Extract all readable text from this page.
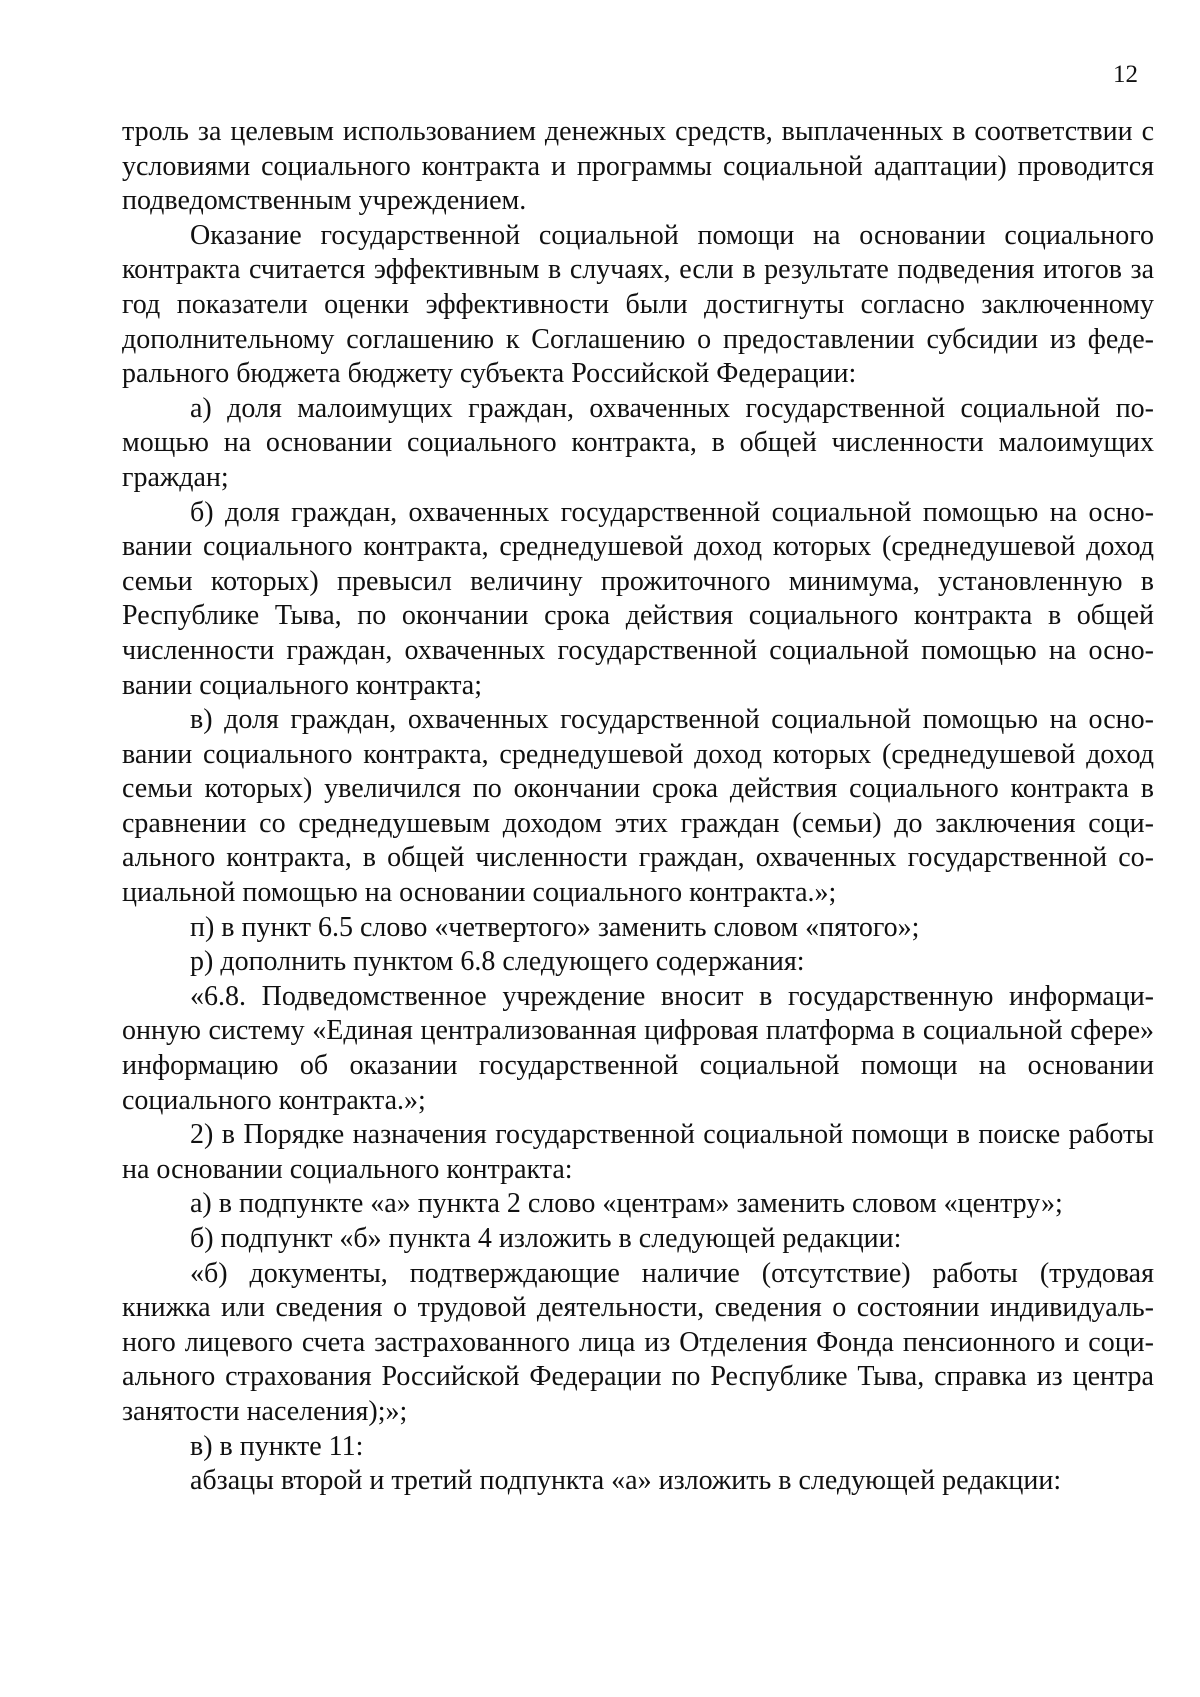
12

троль за целевым использованием денежных средств, выплаченных в соответствии с условиями социального контракта и программы социальной адаптации) проводится подведомственным учреждением.

Оказание государственной социальной помощи на основании социального контракта считается эффективным в случаях, если в результате подведения итогов за год показатели оценки эффективности были достигнуты согласно заключенному дополнительному соглашению к Соглашению о предоставлении субсидии из федерального бюджета бюджету субъекта Российской Федерации:

а) доля малоимущих граждан, охваченных государственной социальной помощью на основании социального контракта, в общей численности малоимущих граждан;

б) доля граждан, охваченных государственной социальной помощью на основании социального контракта, среднедушевой доход которых (среднедушевой доход семьи которых) превысил величину прожиточного минимума, установленную в Республике Тыва, по окончании срока действия социального контракта в общей численности граждан, охваченных государственной социальной помощью на основании социального контракта;

в) доля граждан, охваченных государственной социальной помощью на основании социального контракта, среднедушевой доход которых (среднедушевой доход семьи которых) увеличился по окончании срока действия социального контракта в сравнении со среднедушевым доходом этих граждан (семьи) до заключения социального контракта, в общей численности граждан, охваченных государственной социальной помощью на основании социального контракта.»;

п) в пункт 6.5 слово «четвертого» заменить словом «пятого»;

р) дополнить пунктом 6.8 следующего содержания:

«6.8. Подведомственное учреждение вносит в государственную информационную систему «Единая централизованная цифровая платформа в социальной сфере» информацию об оказании государственной социальной помощи на основании социального контракта.»;

2) в Порядке назначения государственной социальной помощи в поиске работы на основании социального контракта:

а) в подпункте «а» пункта 2 слово «центрам» заменить словом «центру»;

б) подпункт «б» пункта 4 изложить в следующей редакции:

«б) документы, подтверждающие наличие (отсутствие) работы (трудовая книжка или сведения о трудовой деятельности, сведения о состоянии индивидуального лицевого счета застрахованного лица из Отделения Фонда пенсионного и социального страхования Российской Федерации по Республике Тыва, справка из центра занятости населения);»;

в) в пункте 11:

абзацы второй и третий подпункта «а» изложить в следующей редакции:
